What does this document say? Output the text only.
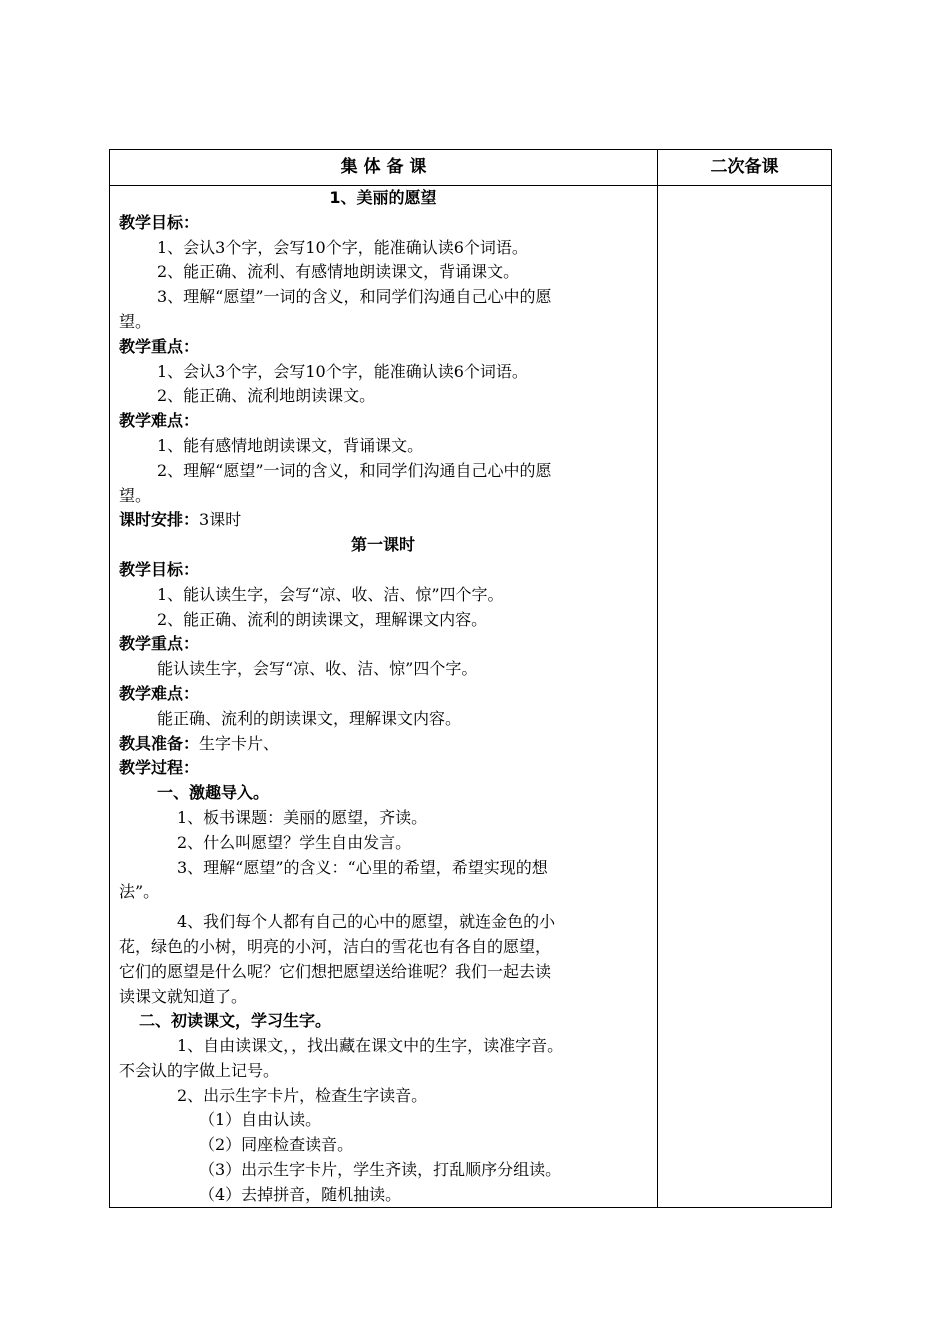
集 体 备 课	二次备课
1、美丽的愿望
教学目标：
1、会认3个字，会写10个字，能准确认读6个词语。
2、能正确、流利、有感情地朗读课文，背诵课文。
3、理解“愿望”一词的含义，和同学们沟通自己心中的愿
望。
教学重点：
1、会认3个字，会写10个字，能准确认读6个词语。
2、能正确、流利地朗读课文。
教学难点：
1、能有感情地朗读课文，背诵课文。
2、理解“愿望”一词的含义，和同学们沟通自己心中的愿
望。
课时安排：3课时
第一课时
教学目标：
1、能认读生字，会写“凉、收、洁、惊”四个字。
2、能正确、流利的朗读课文，理解课文内容。
教学重点：
能认读生字，会写“凉、收、洁、惊”四个字。
教学难点：
能正确、流利的朗读课文，理解课文内容。
教具准备：生字卡片、
教学过程：
一、激趣导入。
1、板书课题：美丽的愿望，齐读。
2、什么叫愿望？学生自由发言。
3、理解“愿望”的含义：“心里的希望，希望实现的想
法”。
4、我们每个人都有自己的心中的愿望，就连金色的小
花，绿色的小树，明亮的小河，洁白的雪花也有各自的愿望，
它们的愿望是什么呢？它们想把愿望送给谁呢？我们一起去读
读课文就知道了。
二、初读课文，学习生字。
1、自由读课文，，找出藏在课文中的生字，读准字音。
不会认的字做上记号。
2、出示生字卡片，检查生字读音。
（1）自由认读。
（2）同座检查读音。
（3）出示生字卡片，学生齐读，打乱顺序分组读。
（4）去掉拼音，随机抽读。
